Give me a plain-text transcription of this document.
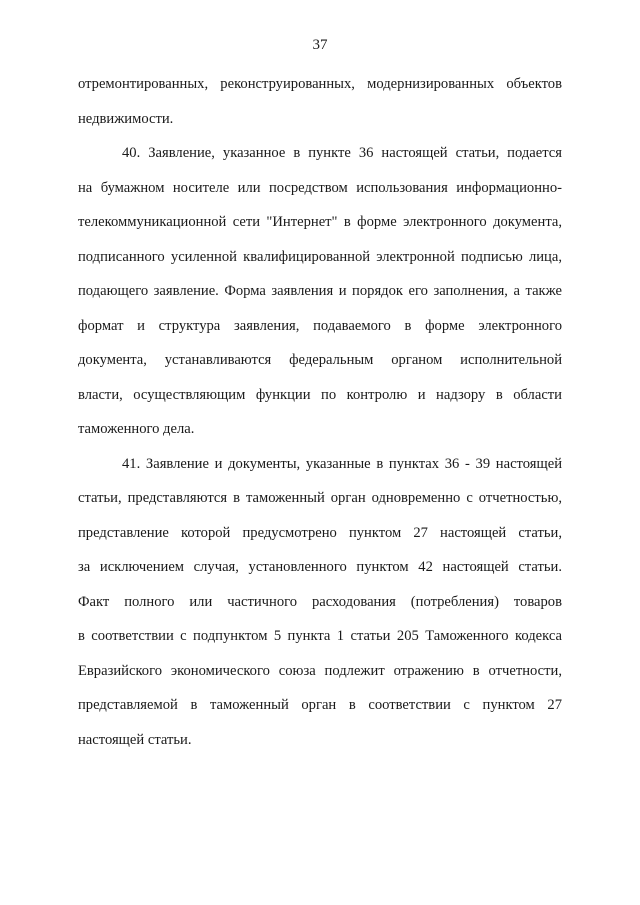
37
отремонтированных, реконструированных, модернизированных объектов
недвижимости.
40. Заявление, указанное в пункте 36 настоящей статьи, подается
на бумажном носителе или посредством использования информационно-
телекоммуникационной сети "Интернет" в форме электронного документа,
подписанного усиленной квалифицированной электронной подписью лица,
подающего заявление. Форма заявления и порядок его заполнения, а также
формат и структура заявления, подаваемого в форме электронного
документа, устанавливаются федеральным органом исполнительной
власти, осуществляющим функции по контролю и надзору в области
таможенного дела.
41. Заявление и документы, указанные в пунктах 36 - 39 настоящей
статьи, представляются в таможенный орган одновременно с отчетностью,
представление которой предусмотрено пунктом 27 настоящей статьи,
за исключением случая, установленного пунктом 42 настоящей статьи.
Факт полного или частичного расходования (потребления) товаров
в соответствии с подпунктом 5 пункта 1 статьи 205 Таможенного кодекса
Евразийского экономического союза подлежит отражению в отчетности,
представляемой в таможенный орган в соответствии с пунктом 27
настоящей статьи.
